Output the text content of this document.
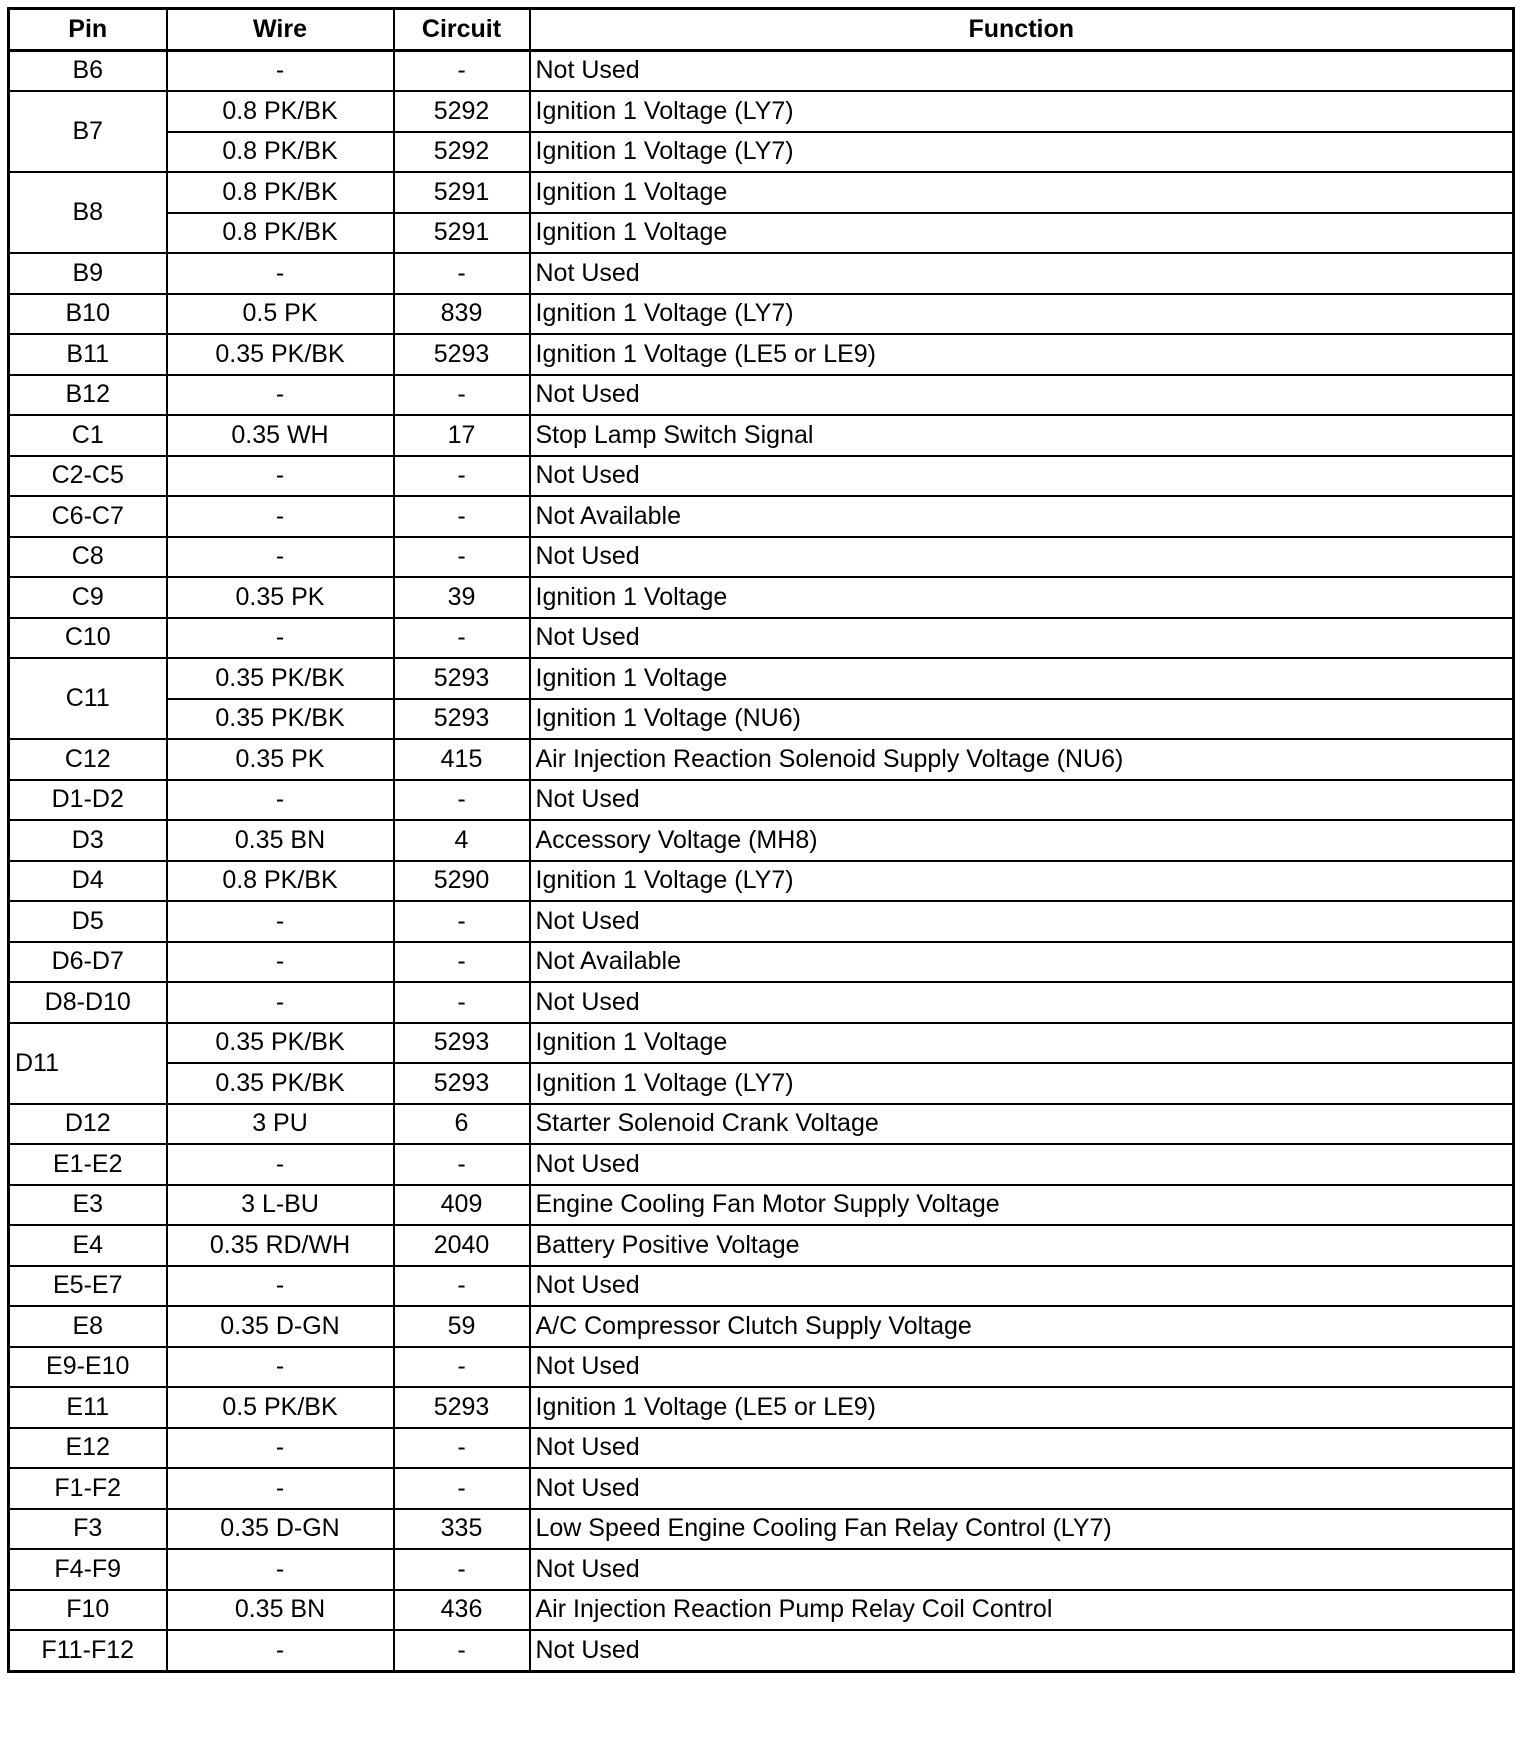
Pin	Wire	Circuit	Function
B6	-	-	Not Used
B7	0.8 PK/BK	5292	Ignition 1 Voltage (LY7)
	0.8 PK/BK	5292	Ignition 1 Voltage (LY7)
B8	0.8 PK/BK	5291	Ignition 1 Voltage
	0.8 PK/BK	5291	Ignition 1 Voltage
B9	-	-	Not Used
B10	0.5 PK	839	Ignition 1 Voltage (LY7)
B11	0.35 PK/BK	5293	Ignition 1 Voltage (LE5 or LE9)
B12	-	-	Not Used
C1	0.35 WH	17	Stop Lamp Switch Signal
C2-C5	-	-	Not Used
C6-C7	-	-	Not Available
C8	-	-	Not Used
C9	0.35 PK	39	Ignition 1 Voltage
C10	-	-	Not Used
C11	0.35 PK/BK	5293	Ignition 1 Voltage
	0.35 PK/BK	5293	Ignition 1 Voltage (NU6)
C12	0.35 PK	415	Air Injection Reaction Solenoid Supply Voltage (NU6)
D1-D2	-	-	Not Used
D3	0.35 BN	4	Accessory Voltage (MH8)
D4	0.8 PK/BK	5290	Ignition 1 Voltage (LY7)
D5	-	-	Not Used
D6-D7	-	-	Not Available
D8-D10	-	-	Not Used
D11	0.35 PK/BK	5293	Ignition 1 Voltage
	0.35 PK/BK	5293	Ignition 1 Voltage (LY7)
D12	3 PU	6	Starter Solenoid Crank Voltage
E1-E2	-	-	Not Used
E3	3 L-BU	409	Engine Cooling Fan Motor Supply Voltage
E4	0.35 RD/WH	2040	Battery Positive Voltage
E5-E7	-	-	Not Used
E8	0.35 D-GN	59	A/C Compressor Clutch Supply Voltage
E9-E10	-	-	Not Used
E11	0.5 PK/BK	5293	Ignition 1 Voltage (LE5 or LE9)
E12	-	-	Not Used
F1-F2	-	-	Not Used
F3	0.35 D-GN	335	Low Speed Engine Cooling Fan Relay Control (LY7)
F4-F9	-	-	Not Used
F10	0.35 BN	436	Air Injection Reaction Pump Relay Coil Control
F11-F12	-	-	Not Used
